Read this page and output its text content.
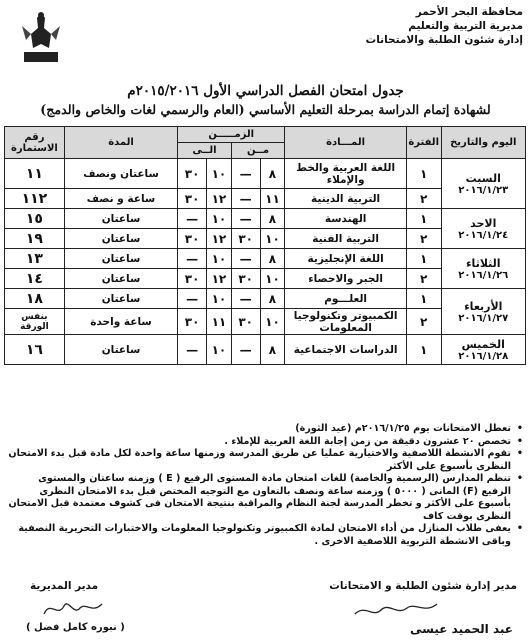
محافظة البحر الأحمر
مديرية التربية والتعليم
إدارة شئون الطلبة والامتحانات
جدول امتحان الفصل الدراسي الأول ٢٠١٥/٢٠١٦م
لشهادة إتمام الدراسة بمرحلة التعليم الأساسي (العام والرسمي لغات والخاص والدمج)
اليوم والتاريخ	الفترة	المـــادة	الزمـــــن				المدة	رقم الاستمارة
			مــن		الــى			

السبت
٢٠١٦/١/٢٣	١	اللغة العربية والخط والإملاء	٨	—	١٠	٣٠	ساعتان ونصف	١١
	٢	التربية الدينية	١١	—	١٢	٣٠	ساعة و نصف	١١٢

الاحد
٢٠١٦/١/٢٤	١	الهندسة	٨	—	١٠	—	ساعتان	١٥
	٢	التربية الفنية	١٠	٣٠	١٢	٣٠	ساعتان	١٩

الثلاثاء
٢٠١٦/١/٢٦	١	اللغة الإنجليزية	٨	—	١٠	—	ساعتان	١٣
	٢	الجبر والاحصاء	١٠	٣٠	١٢	٣٠	ساعتان	١٤

الأربعاء
٢٠١٦/١/٢٧	١	العلـــوم	٨	—	١٠	—	ساعتان	١٨
	٢	الكمبيوتر وتكنولوجيا المعلومات	١٠	٣٠	١١	٣٠	ساعة واحدة	بنفس الورقة

الخميس
٢٠١٦/١/٢٨	١	الدراسات الاجتماعية	٨	—	١٠	—	ساعتان	١٦
• تعطل الامتحانات يوم ٢٠١٦/١/٢٥م (عيد الثورة)
• تخصص ٢٠ عشرون دقيقة من زمن إجابة اللغة العربية للإملاء .
• تقوم الانشطة اللاصفية والاختيارية عمليا عن طريق المدرسة وزمنها ساعة واحدة لكل مادة قبل بدء الامتحان النظرى بأسبوع على الأكثر
• تنظم المدارس (الرسمية والخاصة) للغات امتحان مادة المستوى الرفيع ( E ) وزمنه ساعتان والمستوى الرفيع (F) المانى ( ٥٠٠٠ ) وزمنه ساعة ونصف بالتعاون مع التوجيه المختص قبل بدء الامتحان النظرى بأسبوع على الأكثر و تخطر المدرسة لجنة النظام والمراقبة بنتيجة الامتحان فى كشوف معتمدة قبل الامتحان النظرى بوقت كاف
• يعفى طلاب المنازل من أداء الامتحان لمادة الكمبيوتر وتكنولوجيا المعلومات والاختبارات التحريرية النصفية وباقى الانشطة التربوية اللاصفية الاخرى .
مدير إدارة شئون الطلبة و الامتحانات
مدير المديرية
عبد الحميد عيسى
( نبوره كامل فضل )
